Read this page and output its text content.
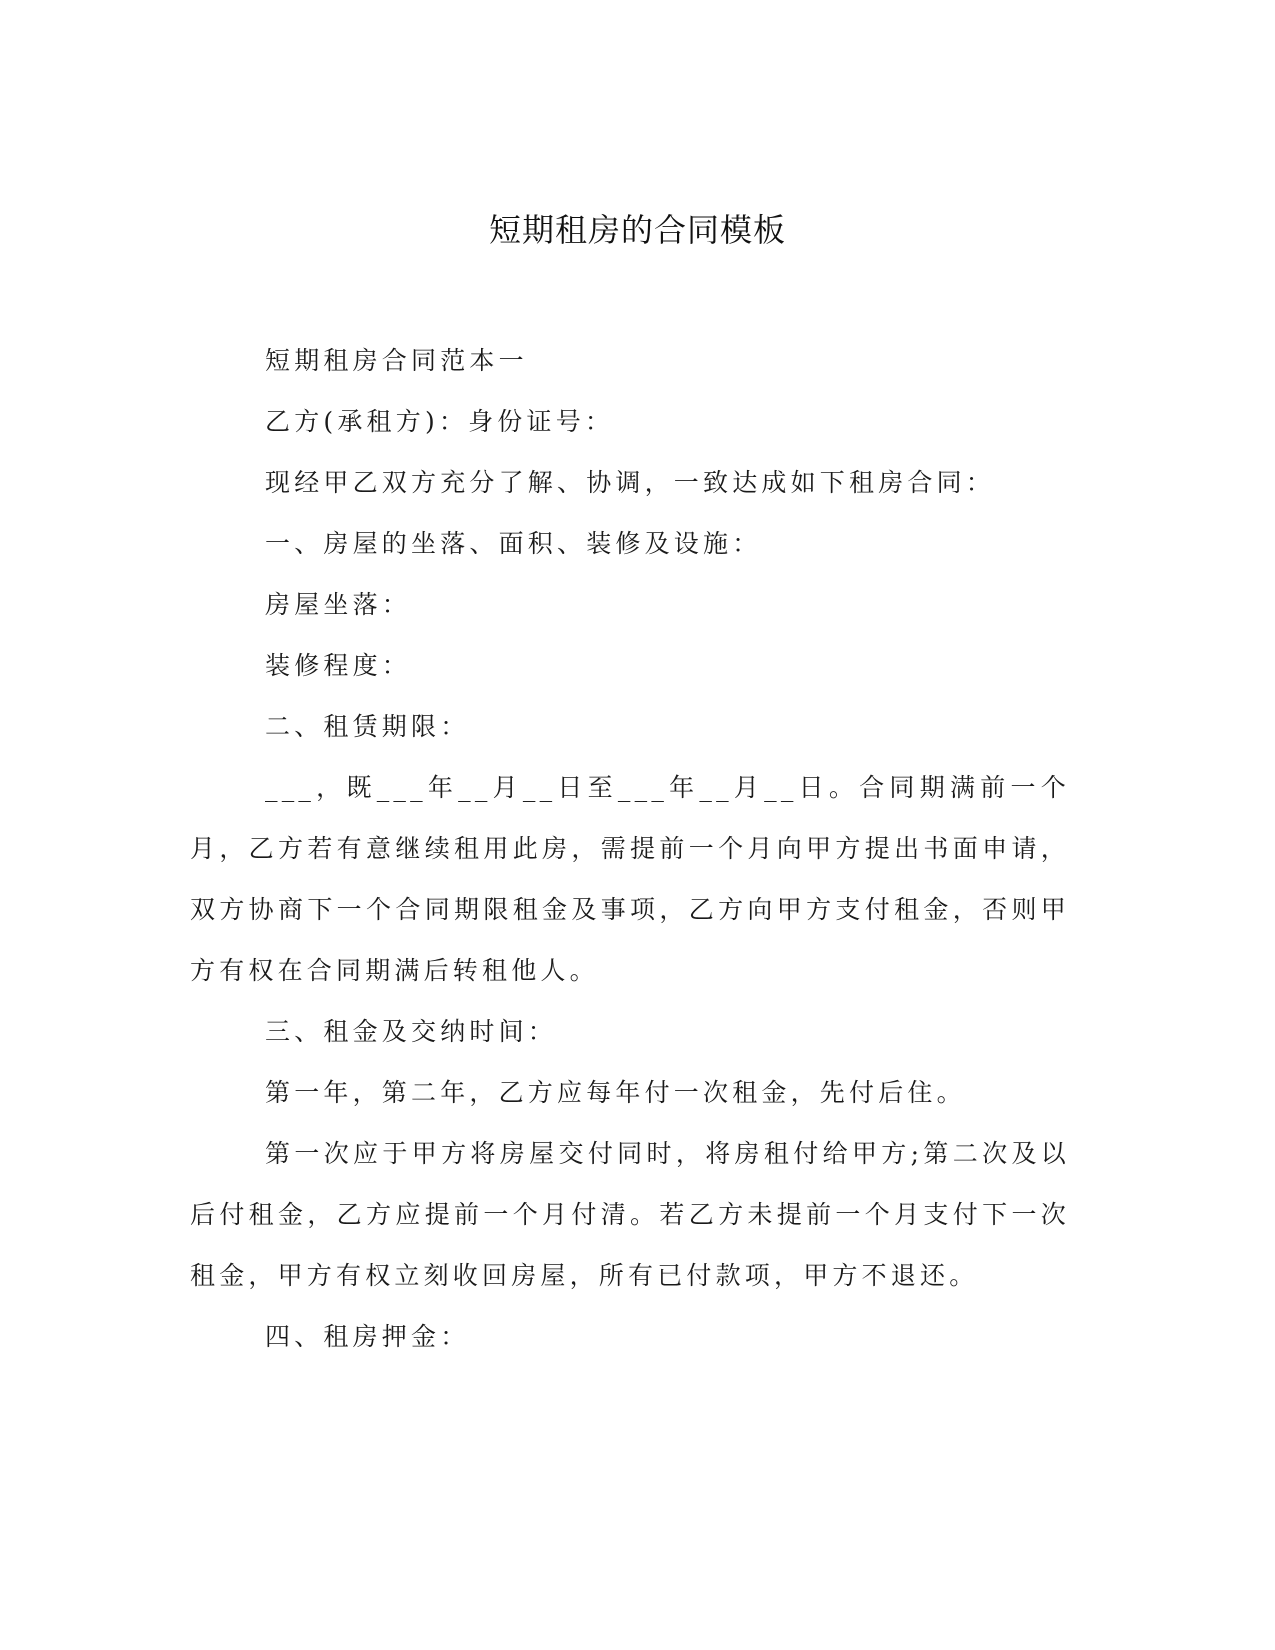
短期租房的合同模板

短期租房合同范本一

乙方(承租方)：身份证号：

现经甲乙双方充分了解、协调，一致达成如下租房合同：

一、房屋的坐落、面积、装修及设施：

房屋坐落：

装修程度：

二、租赁期限：

___，既___年__月__日至___年__月__日。合同期满前一个月，乙方若有意继续租用此房，需提前一个月向甲方提出书面申请，双方协商下一个合同期限租金及事项，乙方向甲方支付租金，否则甲方有权在合同期满后转租他人。

三、租金及交纳时间：

第一年，第二年，乙方应每年付一次租金，先付后住。

第一次应于甲方将房屋交付同时，将房租付给甲方;第二次及以后付租金，乙方应提前一个月付清。若乙方未提前一个月支付下一次租金，甲方有权立刻收回房屋，所有已付款项，甲方不退还。

四、租房押金：
